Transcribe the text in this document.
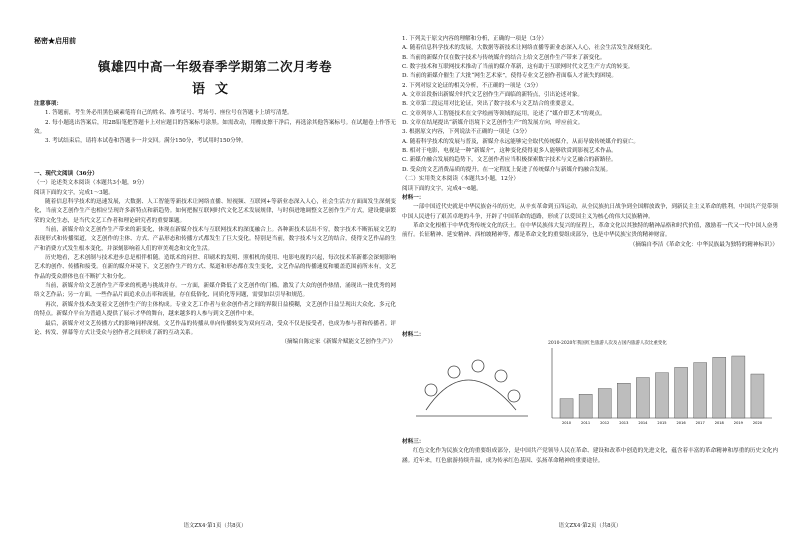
秘密★启用前
镇雄四中高一年级春季学期第二次月考卷
语文

注意事项：

1. 答题前，考生务必用黑色碳素笔将自己的姓名、准考证号、考场号、座位号在答题卡上填写清楚。

2. 每小题选出答案后，用2B铅笔把答题卡上对应题目的答案标号涂黑。如需改动，用橡皮擦干净后，再选涂其他答案标号。在试题卷上作答无效。

3. 考试结束后，请将本试卷和答题卡一并交回。满分150分，考试用时150分钟。

一、现代文阅读（36分）

（一）论述类文本阅读（本题共3小题，9分）

阅读下面的文字，完成1～3题。

随着信息科学技术的迅速发展，大数据、人工智能等新技术让网络直播、短视频、互联网+等新业态深入人心，社会生活方方面面发生深刻变化，当前文艺创作生产也相应呈现许多新特点和新趋势。如何把握互联网时代文化艺术发展规律，与时俱进地调整文艺创作生产方式，建设健康繁荣的文化生态，是当代文艺工作者和理论研究者的重要课题。

当前，新媒介给文艺创作生产带来的新变化，体现在新媒介技术与互联网技术的深度融合上。各种新技术层出不穷，数字技术不断拓展文艺的表现形式和传播渠道，文艺创作的主体、方式、产品形态和传播方式都发生了巨大变化。特别是当前，数字技术与文艺的结合，使得文艺作品的生产和消费方式发生根本变化，并深刻影响着人们的审美观念和文化生活。

历史地看，艺术创制与技术进步总是相伴相随。造纸术的问世、印刷术的发明、照相机的使用、电影电视的兴起，每次技术革新都会深刻影响艺术的创作、传播和接受。在新的媒介环境下，文艺创作生产的方式、渠道和形态都在发生变化，文艺作品的传播速度和覆盖范围前所未有，文艺作品的受众群体也在不断扩大和分化。

当前，新媒介给文艺创作生产带来的机遇与挑战并存。一方面，新媒介降低了文艺创作的门槛，激发了大众的创作热情，涌现出一批优秀的网络文艺作品；另一方面，一些作品片面追求点击率和流量，存在低俗化、同质化等问题，需要加以引导和规范。

再次，新媒介技术改变着文艺创作生产的主体构成。专业文艺工作者与业余创作者之间的界限日益模糊，文艺创作日益呈现出大众化、多元化的特点。新媒介平台为普通人提供了展示才华的舞台，越来越多的人参与到文艺创作中来。

最后，新媒介对文艺传播方式的影响同样深刻。文艺作品的传播从单向传播转变为双向互动，受众不仅是接受者，也成为参与者和传播者。评论、转发、弹幕等方式让受众与创作者之间形成了新的互动关系。

（摘编自陈定家《新媒介赋能文艺创作生产》）

语文ZX4·第1页（共8页）

1. 下列关于原文内容的理解和分析，正确的一项是（3分）

A. 随着信息科学技术的发展，大数据等新技术让网络直播等新业态深入人心，社会生活发生深刻变化。

B. 当前的新媒介仅在数字技术与传统媒介的结合上给文艺创作生产带来了新变化。

C. 数字技术和互联网技术推动了当前的媒介革新，这有助于互联网时代文艺生产方式的转变。

D. 当前的新媒介催生了大批“网生艺术家”，使得专业文艺创作者面临人才流失的困境。

2. 下列对原文论证的相关分析，不正确的一项是（3分）

A. 文章首段指出新媒介时代文艺创作生产面临的新特点，引出论述对象。

B. 文章第二段运用对比论证，突出了数字技术与文艺结合的重要意义。

C. 文章列举人工智能技术在文学绘画等领域的运用，论述了“媒介即艺术”的观点。

D. 文章在结尾提出“新媒介语境下文艺创作生产”的发展方向，呼应前文。

3. 根据原文内容，下列说法不正确的一项是（3分）

A. 随着科学技术的发展与普及，新媒介永远能够完全取代传统媒介，从而导致传统媒介的衰亡。

B. 相对于电影，电视是一种“新媒介”，这种变化使得更多人能够欣赏到影视艺术作品。

C. 新媒介融合发展的趋势下，文艺创作者应当积极探索数字技术与文艺融合的新路径。

D. 受众的文艺消费品质的提升，在一定程度上促进了传统媒介与新媒介的融合发展。

（二）实用类文本阅读（本题共3小题，12分）

阅读下面的文字，完成4～6题。

材料一：

一部中国近代史就是中华民族奋斗的历史。从辛亥革命到五四运动，从全民族抗日战争到全国解放战争，到新民主主义革命的胜利，中国共产党带领中国人民进行了艰苦卓绝的斗争，开辟了中国革命的道路，形成了以爱国主义为核心的伟大民族精神。

革命文化根植于中华优秀传统文化的沃土。在中华民族伟大复兴的征程上，革命文化以其独特的精神品格和时代价值，激励着一代又一代中国人奋勇前行。长征精神、延安精神、西柏坡精神等，都是革命文化的重要组成部分，也是中华民族宝贵的精神财富。

（摘编自李洁《革命文化：中华民族最为独特的精神标识》）

材料二：
2010-2020年我国红色旅游人次及占国内旅游人次比重变化
2010	2011	2012	2013	2014	2015	2016	2017	2018	2019	2020

材料三：

红色文化作为民族文化的重要组成部分，是中国共产党领导人民在革命、建设和改革中创造的先进文化，蕴含着丰富的革命精神和厚重的历史文化内涵。近年来，红色旅游持续升温，成为传承红色基因、弘扬革命精神的重要途径。

语文ZX4·第2页（共8页）
